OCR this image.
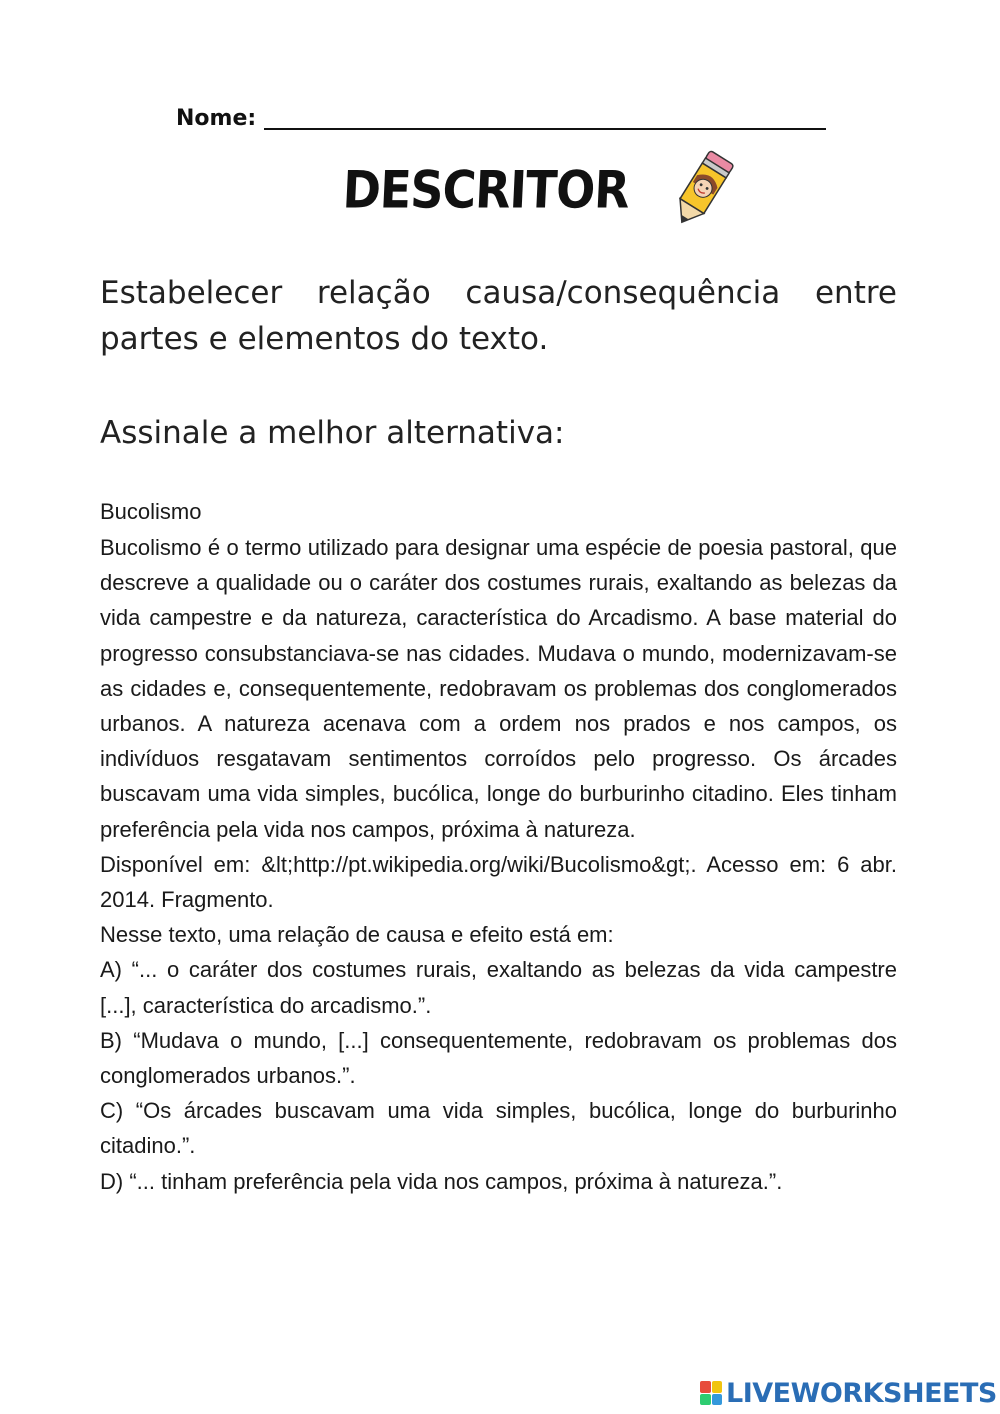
Nome:
DESCRITOR

Estabelecer relação causa/consequência entre partes e elementos do texto.

Assinale a melhor alternativa:

Bucolismo

Bucolismo é o termo utilizado para designar uma espécie de poesia pastoral, que descreve a qualidade ou o caráter dos costumes rurais, exaltando as belezas da vida campestre e da natureza, característica do Arcadismo. A base material do progresso consubstanciava-se nas cidades. Mudava o mundo, modernizavam-se as cidades e, consequentemente, redobravam os problemas dos conglomerados urbanos. A natureza acenava com a ordem nos prados e nos campos, os indivíduos resgatavam sentimentos corroídos pelo progresso. Os árcades buscavam uma vida simples, bucólica, longe do burburinho citadino. Eles tinham preferência pela vida nos campos, próxima à natureza.

Disponível em: &lt;http://pt.wikipedia.org/wiki/Bucolismo&gt;. Acesso em: 6 abr. 2014. Fragmento.

Nesse texto, uma relação de causa e efeito está em:

A) “... o caráter dos costumes rurais, exaltando as belezas da vida campestre [...], característica do arcadismo.”.

B) “Mudava o mundo, [...] consequentemente, redobravam os problemas dos conglomerados urbanos.”.

C) “Os árcades buscavam uma vida simples, bucólica, longe do burburinho citadino.”.

D) “... tinham preferência pela vida nos campos, próxima à natureza.”.

LIVEWORKSHEETS
